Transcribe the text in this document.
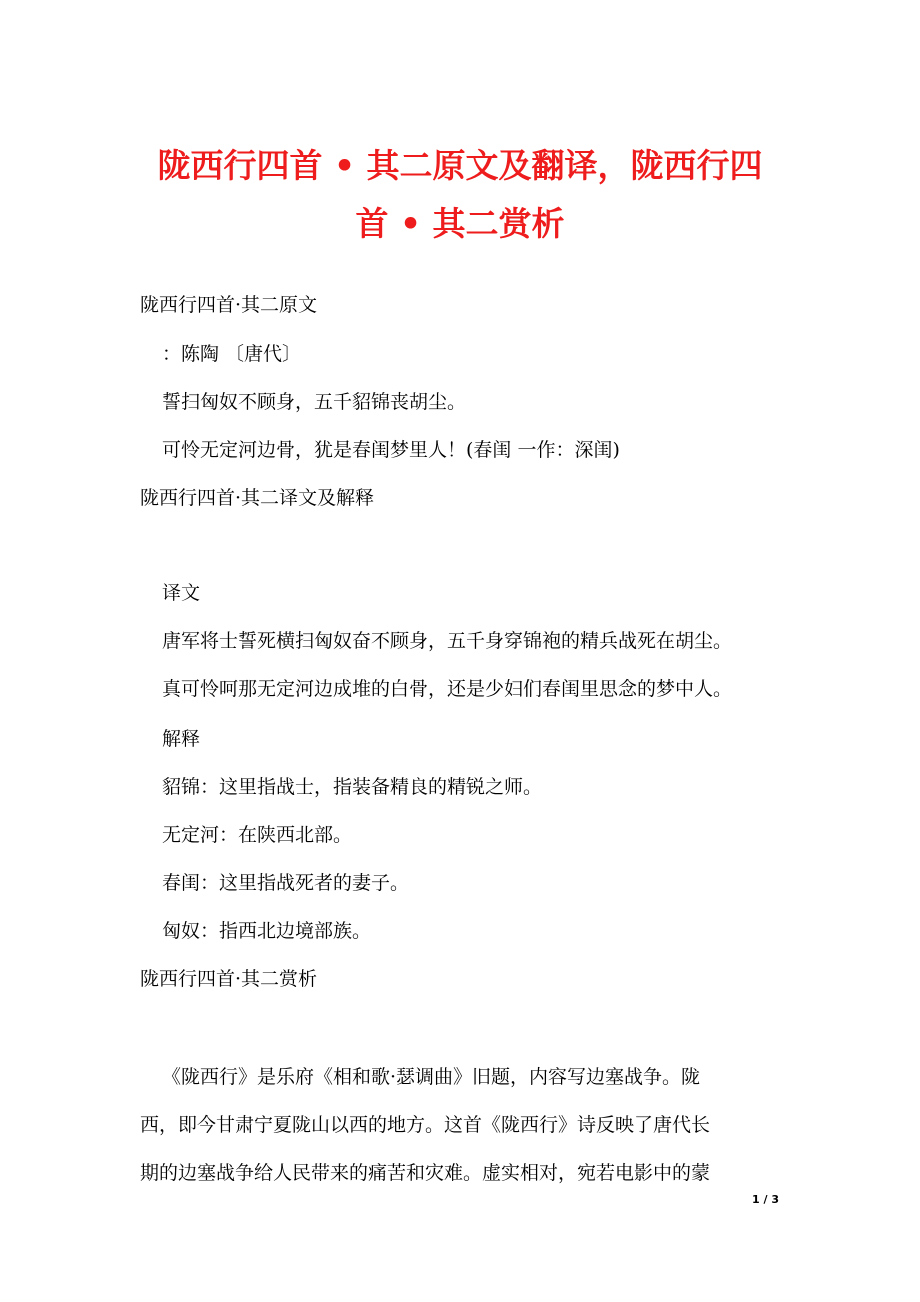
陇西行四首 • 其二原文及翻译，陇西行四
首 • 其二赏析
陇西行四首·其二原文
：陈陶 〔唐代〕
誓扫匈奴不顾身，五千貂锦丧胡尘。
可怜无定河边骨，犹是春闺梦里人！(春闺 一作：深闺)
陇西行四首·其二译文及解释
译文
唐军将士誓死横扫匈奴奋不顾身，五千身穿锦袍的精兵战死在胡尘。
真可怜呵那无定河边成堆的白骨，还是少妇们春闺里思念的梦中人。
解释
貂锦：这里指战士，指装备精良的精锐之师。
无定河：在陕西北部。
春闺：这里指战死者的妻子。
匈奴：指西北边境部族。
陇西行四首·其二赏析
《陇西行》是乐府《相和歌·瑟调曲》旧题，内容写边塞战争。陇
西，即今甘肃宁夏陇山以西的地方。这首《陇西行》诗反映了唐代长
期的边塞战争给人民带来的痛苦和灾难。虚实相对，宛若电影中的蒙
1 / 3
